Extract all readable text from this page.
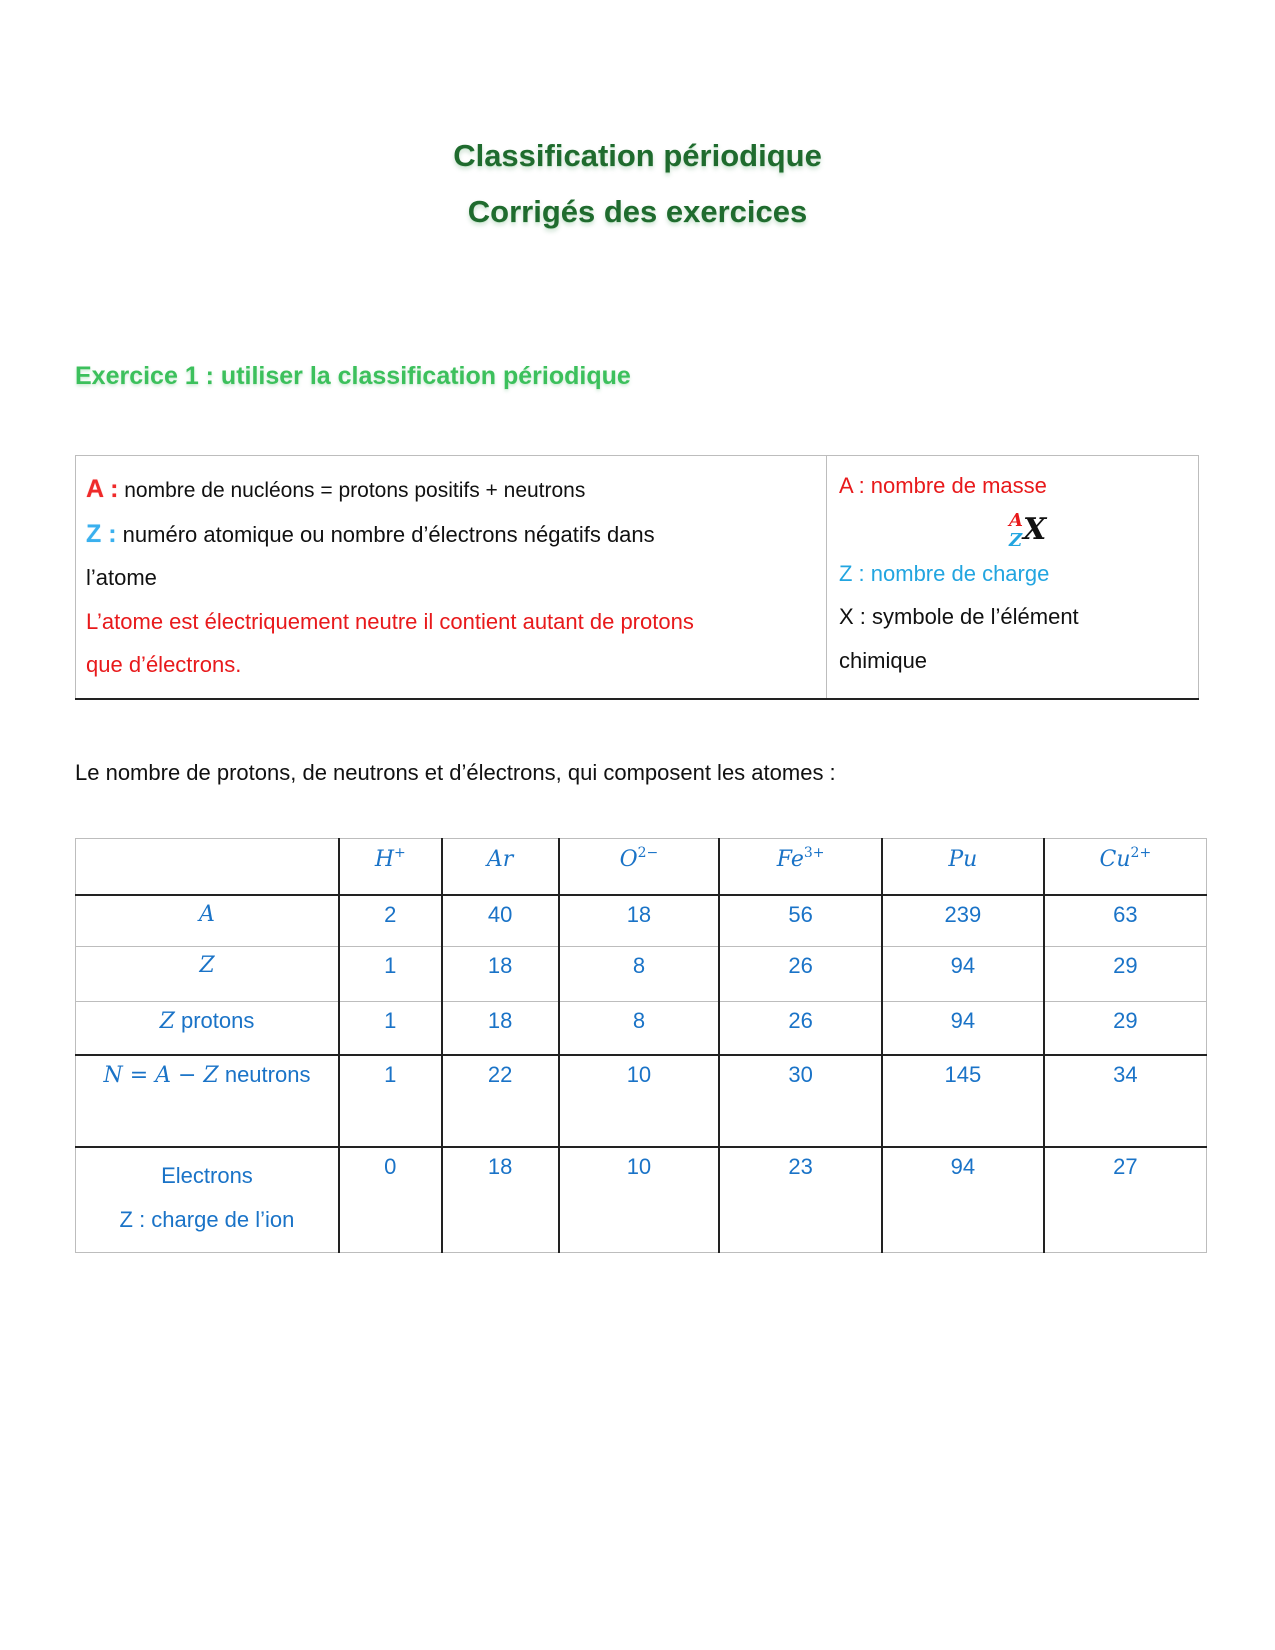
Classification périodique
Corrigés des exercices
Exercice 1 : utiliser la classification périodique
A : nombre de nucléons = protons positifs + neutrons
Z : numéro atomique ou nombre d’électrons négatifs dans
l’atome
L’atome est électriquement neutre il contient autant de protons
que d’électrons.

A : nombre de masse
A
Z X
Z : nombre de charge
X : symbole de l’élément
chimique
Le nombre de protons, de neutrons et d’électrons, qui composent les atomes :

	H+	Ar	$O^{2-}$	$Fe^{3+}$	Pu	$Cu^{2+}$

A	2	40	18	56	239	63

Z	1	18	8	26	94	29

Z protons	1	18	8	26	94	29

N = A − Z neutrons	1	22	10	30	145	34

Electrons
Z : charge de l’ion	0	18	10	23	94	27
